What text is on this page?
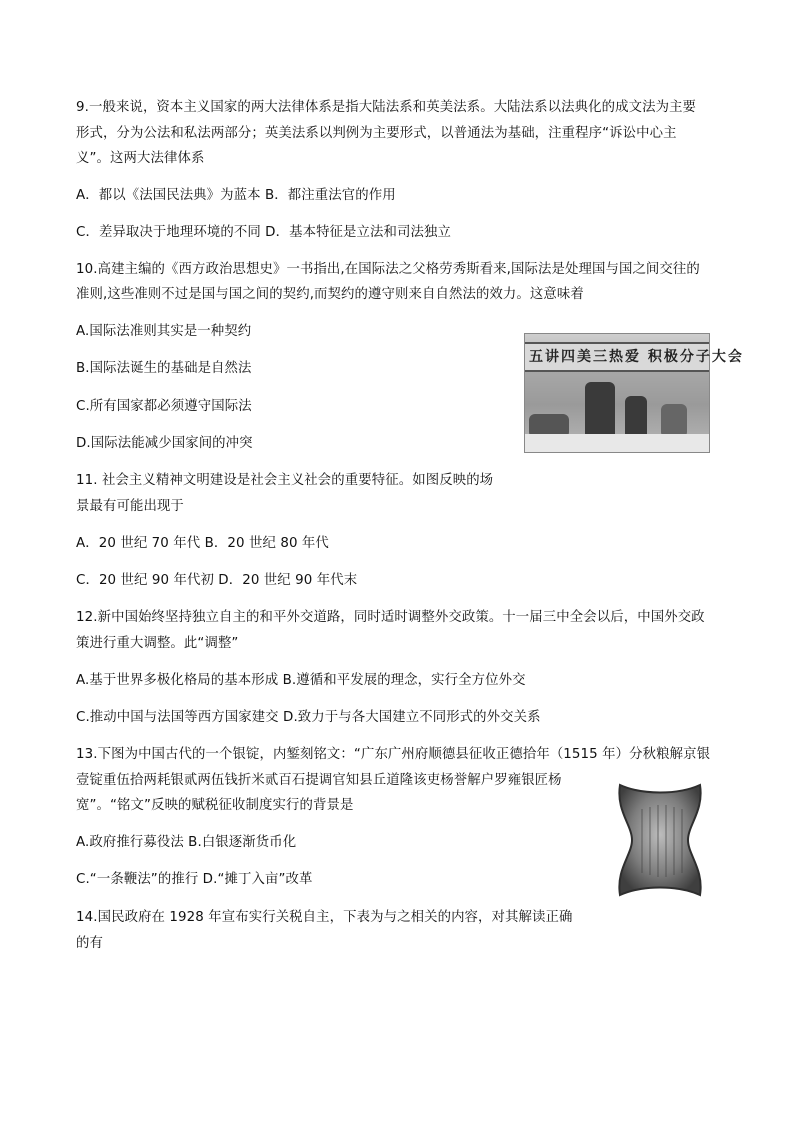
9.一般来说，资本主义国家的两大法律体系是指大陆法系和英美法系。大陆法系以法典化的成文法为主要
形式，分为公法和私法两部分；英美法系以判例为主要形式，以普通法为基础，注重程序“诉讼中心主
义”。这两大法律体系
A．都以《法国民法典》为蓝本 B．都注重法官的作用
C．差异取决于地理环境的不同 D．基本特征是立法和司法独立
10.高建主编的《西方政治思想史》一书指出,在国际法之父格劳秀斯看来,国际法是处理国与国之间交往的
准则,这些准则不过是国与国之间的契约,而契约的遵守则来自自然法的效力。这意味着
A.国际法准则其实是一种契约
B.国际法诞生的基础是自然法
C.所有国家都必须遵守国际法
D.国际法能减少国家间的冲突
五讲四美三热爱 积极分子大会
11. 社会主义精神文明建设是社会主义社会的重要特征。如图反映的场
景最有可能出现于
A．20 世纪 70 年代 B．20 世纪 80 年代
C．20 世纪 90 年代初 D．20 世纪 90 年代末
12.新中国始终坚持独立自主的和平外交道路，同时适时调整外交政策。十一届三中全会以后，中国外交政
策进行重大调整。此“调整”
A.基于世界多极化格局的基本形成 B.遵循和平发展的理念，实行全方位外交
C.推动中国与法国等西方国家建交 D.致力于与各大国建立不同形式的外交关系
13.下图为中国古代的一个银锭，内錾刻铭文：“广东广州府顺德县征收正德拾年（1515 年）分秋粮解京银
壹锭重伍拾两耗银贰两伍钱折米贰百石提调官知县丘道隆该吏杨誉解户罗雍银匠杨
宽”。“铭文”反映的赋税征收制度实行的背景是
A.政府推行募役法 B.白银逐渐货币化
C.“一条鞭法”的推行 D.“摊丁入亩”改革
14.国民政府在 1928 年宣布实行关税自主，下表为与之相关的内容，对其解读正确
的有
